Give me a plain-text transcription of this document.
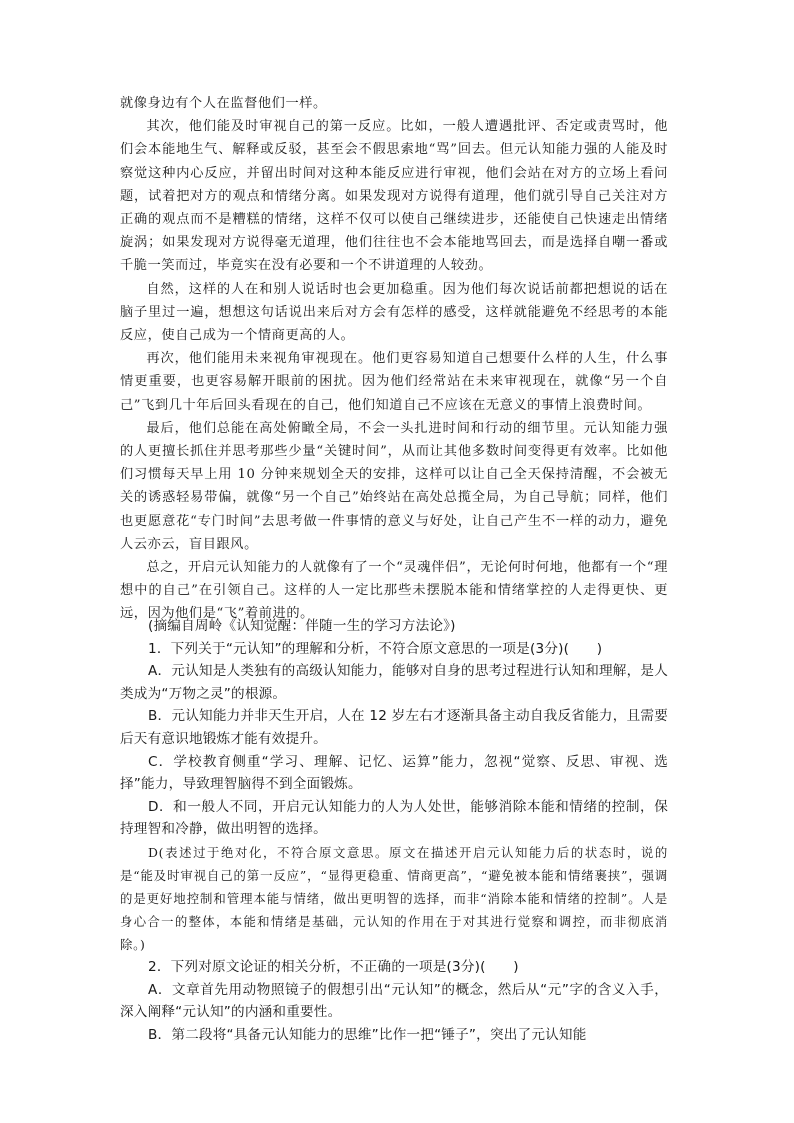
就像身边有个人在监督他们一样。

其次，他们能及时审视自己的第一反应。比如，一般人遭遇批评、否定或责骂时，他们会本能地生气、解释或反驳，甚至会不假思索地“骂”回去。但元认知能力强的人能及时察觉这种内心反应，并留出时间对这种本能反应进行审视，他们会站在对方的立场上看问题，试着把对方的观点和情绪分离。如果发现对方说得有道理，他们就引导自己关注对方正确的观点而不是糟糕的情绪，这样不仅可以使自己继续进步，还能使自己快速走出情绪旋涡；如果发现对方说得毫无道理，他们往往也不会本能地骂回去，而是选择自嘲一番或千脆一笑而过，毕竟实在没有必要和一个不讲道理的人较劲。

自然，这样的人在和别人说话时也会更加稳重。因为他们每次说话前都把想说的话在脑子里过一遍，想想这句话说出来后对方会有怎样的感受，这样就能避免不经思考的本能反应，使自己成为一个情商更高的人。

再次，他们能用未来视角审视现在。他们更容易知道自己想要什么样的人生，什么事情更重要，也更容易解开眼前的困扰。因为他们经常站在未来审视现在，就像“另一个自己”飞到几十年后回头看现在的自己，他们知道自己不应该在无意义的事情上浪费时间。

最后，他们总能在高处俯瞰全局，不会一头扎进时间和行动的细节里。元认知能力强的人更擅长抓住并思考那些少量“关键时间”，从而让其他多数时间变得更有效率。比如他们习惯每天早上用 10 分钟来规划全天的安排，这样可以让自己全天保持清醒，不会被无关的诱惑轻易带偏，就像“另一个自己”始终站在高处总揽全局，为自己导航；同样，他们也更愿意花“专门时间”去思考做一件事情的意义与好处，让自己产生不一样的动力，避免人云亦云，盲目跟风。

总之，开启元认知能力的人就像有了一个“灵魂伴侣”，无论何时何地，他都有一个“理想中的自己”在引领自己。这样的人一定比那些未摆脱本能和情绪掌控的人走得更快、更远，因为他们是“飞”着前进的。

(摘编自周岭《认知觉醒：伴随一生的学习方法论》)

1．下列关于“元认知”的理解和分析，不符合原文意思的一项是(3分)(　　)

A．元认知是人类独有的高级认知能力，能够对自身的思考过程进行认知和理解，是人类成为“万物之灵”的根源。

B．元认知能力并非天生开启，人在 12 岁左右才逐渐具备主动自我反省能力，且需要后天有意识地锻炼才能有效提升。

C．学校教育侧重“学习、理解、记忆、运算”能力，忽视“觉察、反思、审视、选择”能力，导致理智脑得不到全面锻炼。

D．和一般人不同，开启元认知能力的人为人处世，能够消除本能和情绪的控制，保持理智和冷静，做出明智的选择。

D(表述过于绝对化，不符合原文意思。原文在描述开启元认知能力后的状态时，说的是“能及时审视自己的第一反应”，“显得更稳重、情商更高”，“避免被本能和情绪裹挟”，强调的是更好地控制和管理本能与情绪，做出更明智的选择，而非“消除本能和情绪的控制”。人是身心合一的整体，本能和情绪是基础，元认知的作用在于对其进行觉察和调控，而非彻底消除。)

2．下列对原文论证的相关分析，不正确的一项是(3分)(　　)

A．文章首先用动物照镜子的假想引出“元认知”的概念，然后从“元”字的含义入手，深入阐释“元认知”的内涵和重要性。

B．第二段将“具备元认知能力的思维”比作一把“锤子”，突出了元认知能
